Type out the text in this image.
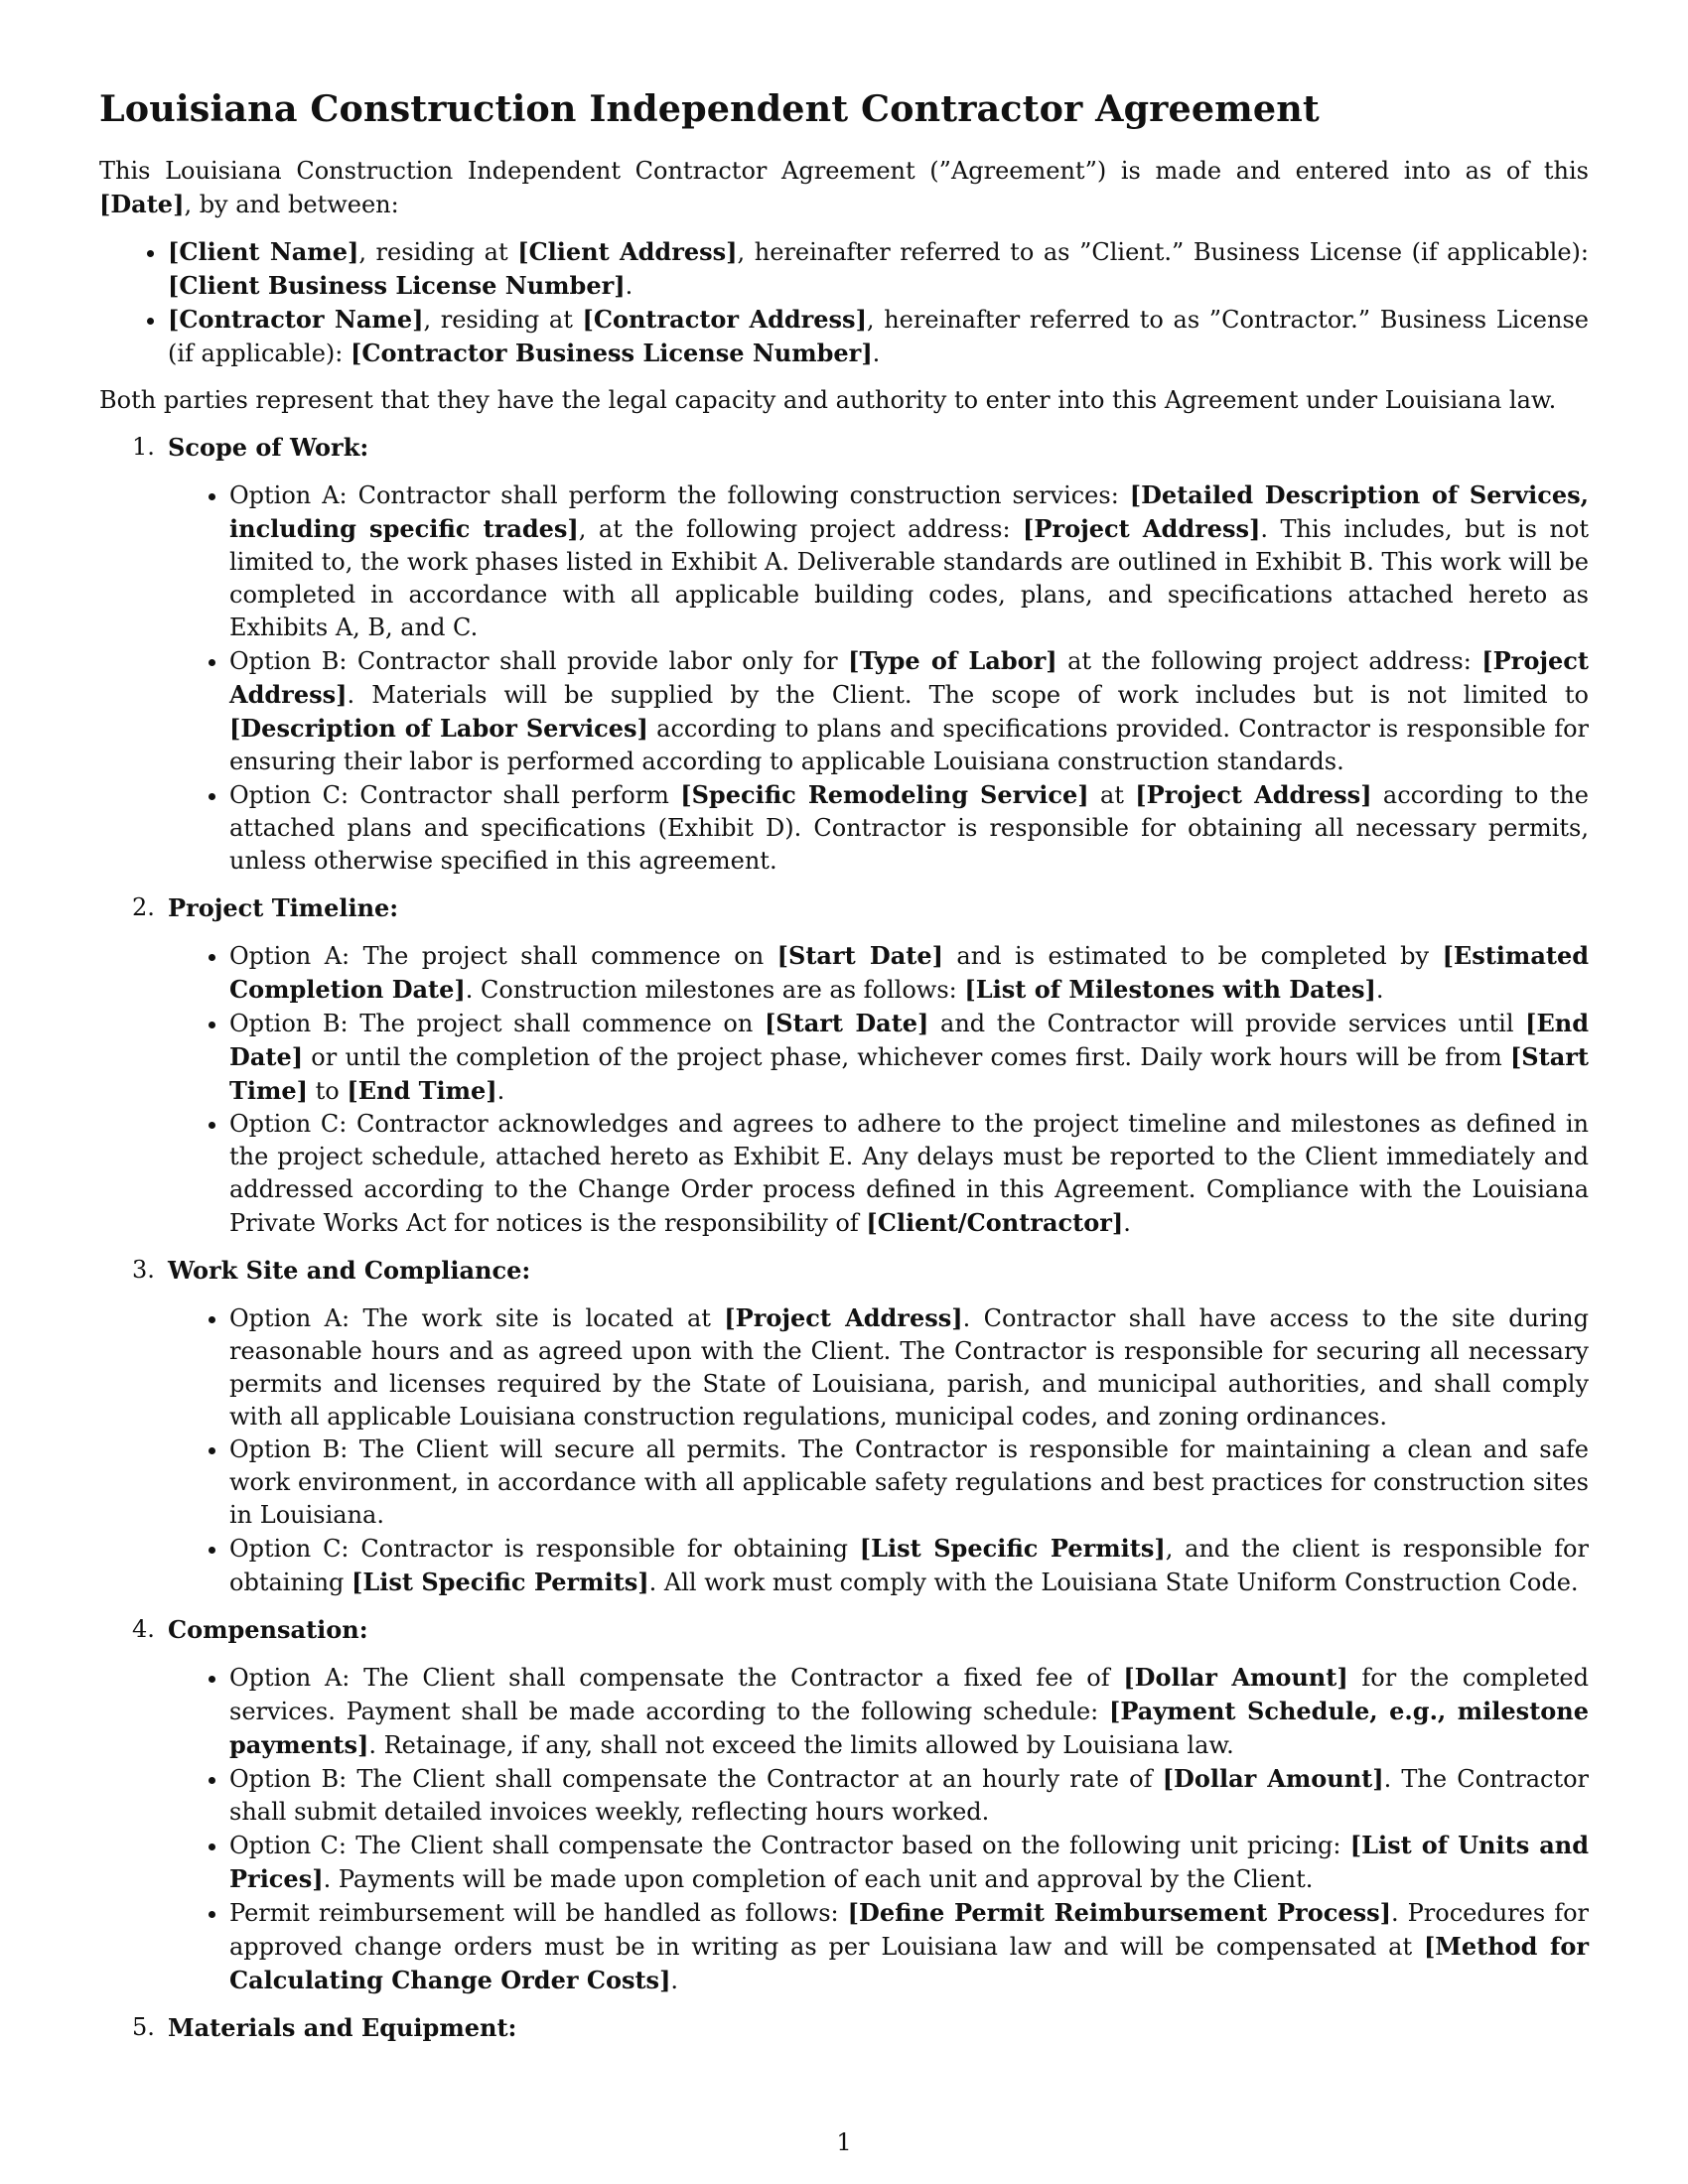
Louisiana Construction Independent Contractor Agreement

This Louisiana Construction Independent Contractor Agreement (”Agreement”) is made and entered into as of this [Date], by and between:

• [Client Name], residing at [Client Address], hereinafter referred to as ”Client.” Business License (if applicable): [Client Business License Number].
• [Contractor Name], residing at [Contractor Address], hereinafter referred to as ”Contractor.” Business License (if applicable): [Contractor Business License Number].

Both parties represent that they have the legal capacity and authority to enter into this Agreement under Louisiana law.

1. Scope of Work:

• Option A: Contractor shall perform the following construction services: [Detailed Description of Services, including specific trades], at the following project address: [Project Address]. This includes, but is not limited to, the work phases listed in Exhibit A. Deliverable standards are outlined in Exhibit B. This work will be completed in accordance with all applicable building codes, plans, and specifications attached hereto as Exhibits A, B, and C.
• Option B: Contractor shall provide labor only for [Type of Labor] at the following project address: [Project Address]. Materials will be supplied by the Client. The scope of work includes but is not limited to [Description of Labor Services] according to plans and specifications provided. Contractor is responsible for ensuring their labor is performed according to applicable Louisiana construction standards.
• Option C: Contractor shall perform [Specific Remodeling Service] at [Project Address] according to the attached plans and specifications (Exhibit D). Contractor is responsible for obtaining all necessary permits, unless otherwise specified in this agreement.

2. Project Timeline:

• Option A: The project shall commence on [Start Date] and is estimated to be completed by [Estimated Completion Date]. Construction milestones are as follows: [List of Milestones with Dates].
• Option B: The project shall commence on [Start Date] and the Contractor will provide services until [End Date] or until the completion of the project phase, whichever comes first. Daily work hours will be from [Start Time] to [End Time].
• Option C: Contractor acknowledges and agrees to adhere to the project timeline and milestones as defined in the project schedule, attached hereto as Exhibit E. Any delays must be reported to the Client immediately and addressed according to the Change Order process defined in this Agreement. Compliance with the Louisiana Private Works Act for notices is the responsibility of [Client/Contractor].

3. Work Site and Compliance:

• Option A: The work site is located at [Project Address]. Contractor shall have access to the site during reasonable hours and as agreed upon with the Client. The Contractor is responsible for securing all necessary permits and licenses required by the State of Louisiana, parish, and municipal authorities, and shall comply with all applicable Louisiana construction regulations, municipal codes, and zoning ordinances.
• Option B: The Client will secure all permits. The Contractor is responsible for maintaining a clean and safe work environment, in accordance with all applicable safety regulations and best practices for construction sites in Louisiana.
• Option C: Contractor is responsible for obtaining [List Specific Permits], and the client is responsible for obtaining [List Specific Permits]. All work must comply with the Louisiana State Uniform Construction Code.

4. Compensation:

• Option A: The Client shall compensate the Contractor a fixed fee of [Dollar Amount] for the completed services. Payment shall be made according to the following schedule: [Payment Schedule, e.g., milestone payments]. Retainage, if any, shall not exceed the limits allowed by Louisiana law.
• Option B: The Client shall compensate the Contractor at an hourly rate of [Dollar Amount]. The Contractor shall submit detailed invoices weekly, reflecting hours worked.
• Option C: The Client shall compensate the Contractor based on the following unit pricing: [List of Units and Prices]. Payments will be made upon completion of each unit and approval by the Client.
• Permit reimbursement will be handled as follows: [Define Permit Reimbursement Process]. Procedures for approved change orders must be in writing as per Louisiana law and will be compensated at [Method for Calculating Change Order Costs].

5. Materials and Equipment:

1
